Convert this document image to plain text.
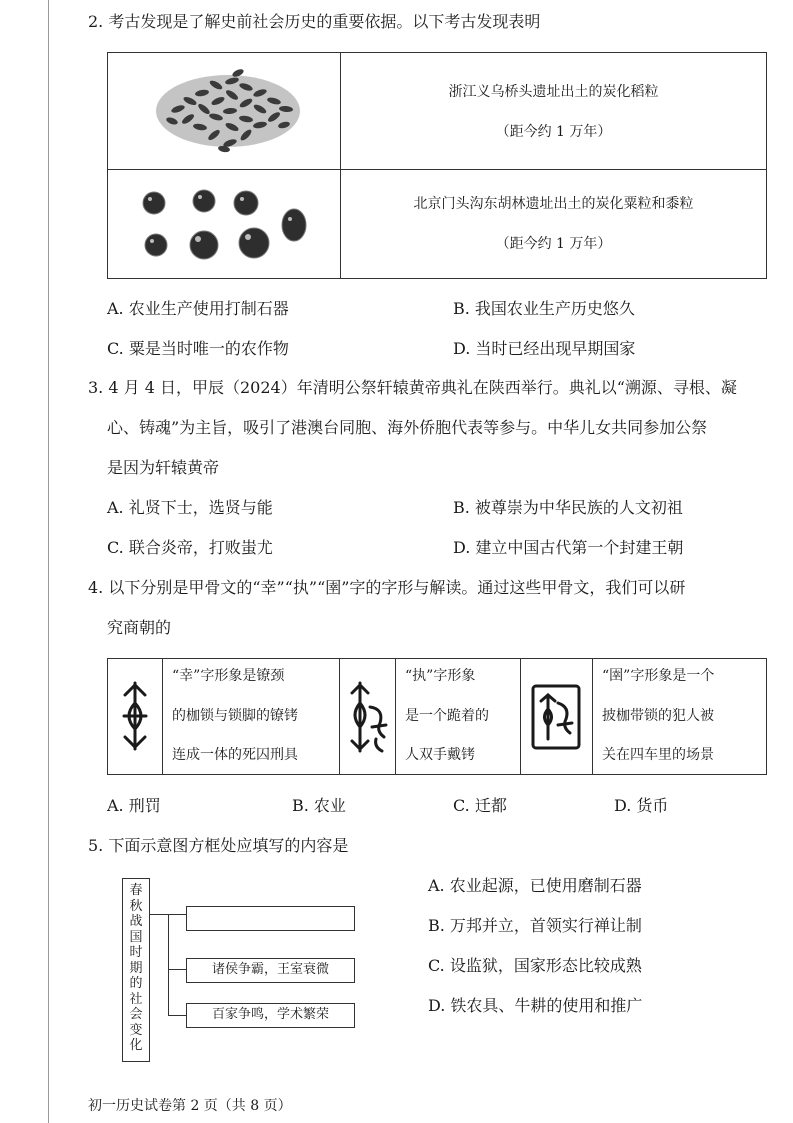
2. 考古发现是了解史前社会历史的重要依据。以下考古发现表明
浙江义乌桥头遗址出土的炭化稻粒
（距今约 1 万年）
北京门头沟东胡林遗址出土的炭化粟粒和黍粒
（距今约 1 万年）
A. 农业生产使用打制石器	B. 我国农业生产历史悠久
C. 粟是当时唯一的农作物	D. 当时已经出现早期国家
3. 4 月 4 日，甲辰（2024）年清明公祭轩辕黄帝典礼在陕西举行。典礼以“溯源、寻根、凝
心、铸魂”为主旨，吸引了港澳台同胞、海外侨胞代表等参与。中华儿女共同参加公祭
是因为轩辕黄帝
A. 礼贤下士，选贤与能	B. 被尊崇为中华民族的人文初祖
C. 联合炎帝，打败蚩尤	D. 建立中国古代第一个封建王朝
4. 以下分别是甲骨文的“幸”“执”“圉”字的字形与解读。通过这些甲骨文，我们可以研
究商朝的
“幸”字形象是镣颈
的枷锁与锁脚的镣铐
连成一体的死囚刑具
“执”字形象
是一个跪着的
人双手戴铐
“圉”字形象是一个
披枷带锁的犯人被
关在四车里的场景
A. 刑罚	B. 农业	C. 迁都	D. 货币
5. 下面示意图方框处应填写的内容是
春
秋
战
国
时
期
的
社
会
变
化
诸侯争霸，王室衰微
百家争鸣，学术繁荣
A. 农业起源，已使用磨制石器
B. 万邦并立，首领实行禅让制
C. 设监狱，国家形态比较成熟
D. 铁农具、牛耕的使用和推广
初一历史试卷第 2 页（共 8 页）
